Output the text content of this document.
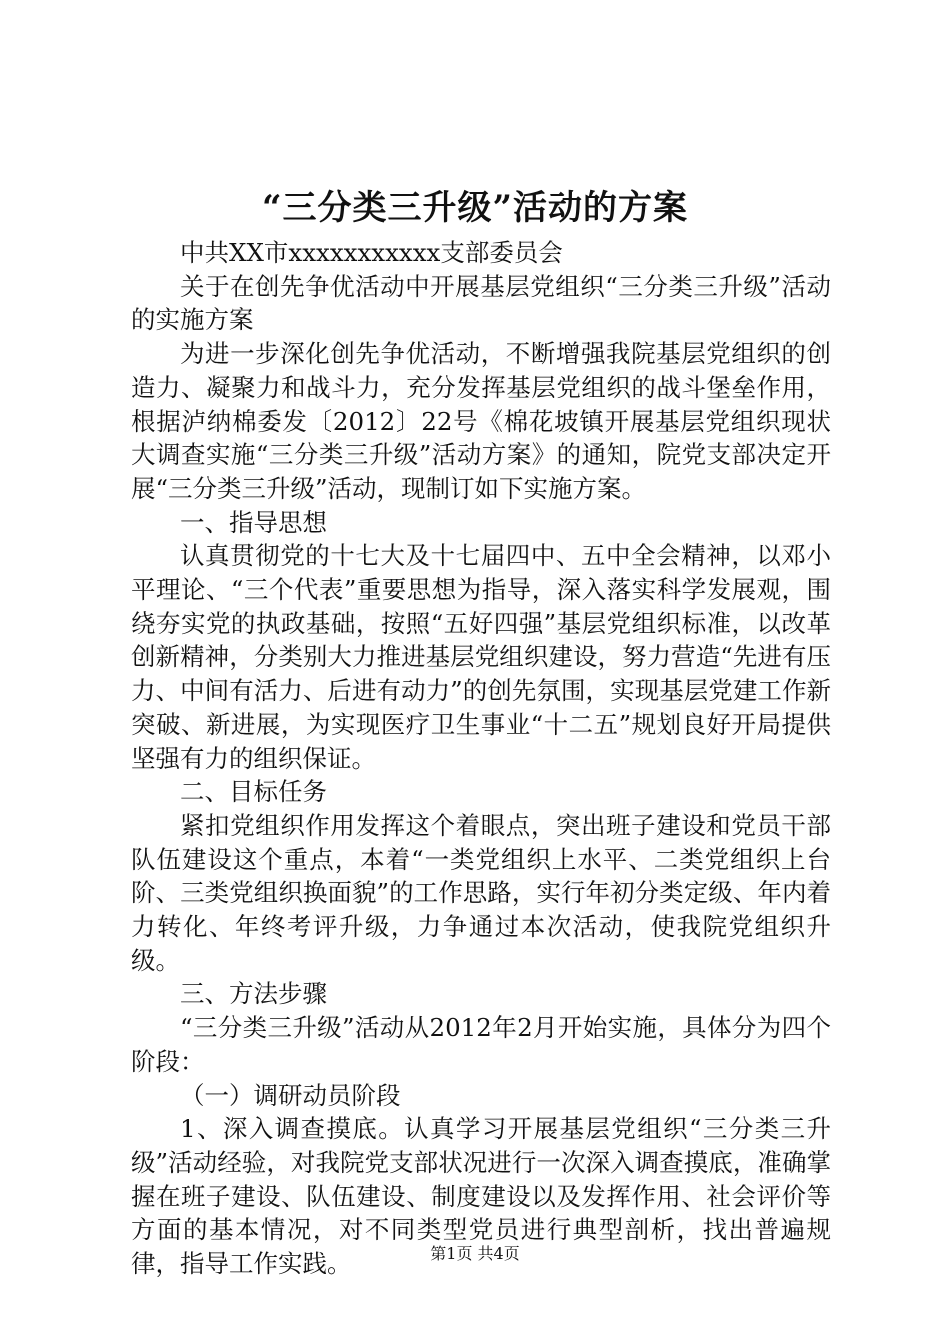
“三分类三升级”活动的方案

中共XX市xxxxxxxxxxx支部委员会

关于在创先争优活动中开展基层党组织“三分类三升级”活动的实施方案

为进一步深化创先争优活动，不断增强我院基层党组织的创造力、凝聚力和战斗力，充分发挥基层党组织的战斗堡垒作用，根据泸纳棉委发〔2012〕22号《棉花坡镇开展基层党组织现状大调查实施“三分类三升级”活动方案》的通知，院党支部决定开展“三分类三升级”活动，现制订如下实施方案。

一、指导思想

认真贯彻党的十七大及十七届四中、五中全会精神，以邓小平理论、“三个代表”重要思想为指导，深入落实科学发展观，围绕夯实党的执政基础，按照“五好四强”基层党组织标准，以改革创新精神，分类别大力推进基层党组织建设，努力营造“先进有压力、中间有活力、后进有动力”的创先氛围，实现基层党建工作新突破、新进展，为实现医疗卫生事业“十二五”规划良好开局提供坚强有力的组织保证。

二、目标任务

紧扣党组织作用发挥这个着眼点，突出班子建设和党员干部队伍建设这个重点，本着“一类党组织上水平、二类党组织上台阶、三类党组织换面貌”的工作思路，实行年初分类定级、年内着力转化、年终考评升级，力争通过本次活动，使我院党组织升级。

三、方法步骤

“三分类三升级”活动从2012年2月开始实施，具体分为四个阶段：

（一）调研动员阶段

1、深入调查摸底。认真学习开展基层党组织“三分类三升级”活动经验，对我院党支部状况进行一次深入调查摸底，准确掌握在班子建设、队伍建设、制度建设以及发挥作用、社会评价等方面的基本情况，对不同类型党员进行典型剖析，找出普遍规律，指导工作实践。	第1页 共4页
